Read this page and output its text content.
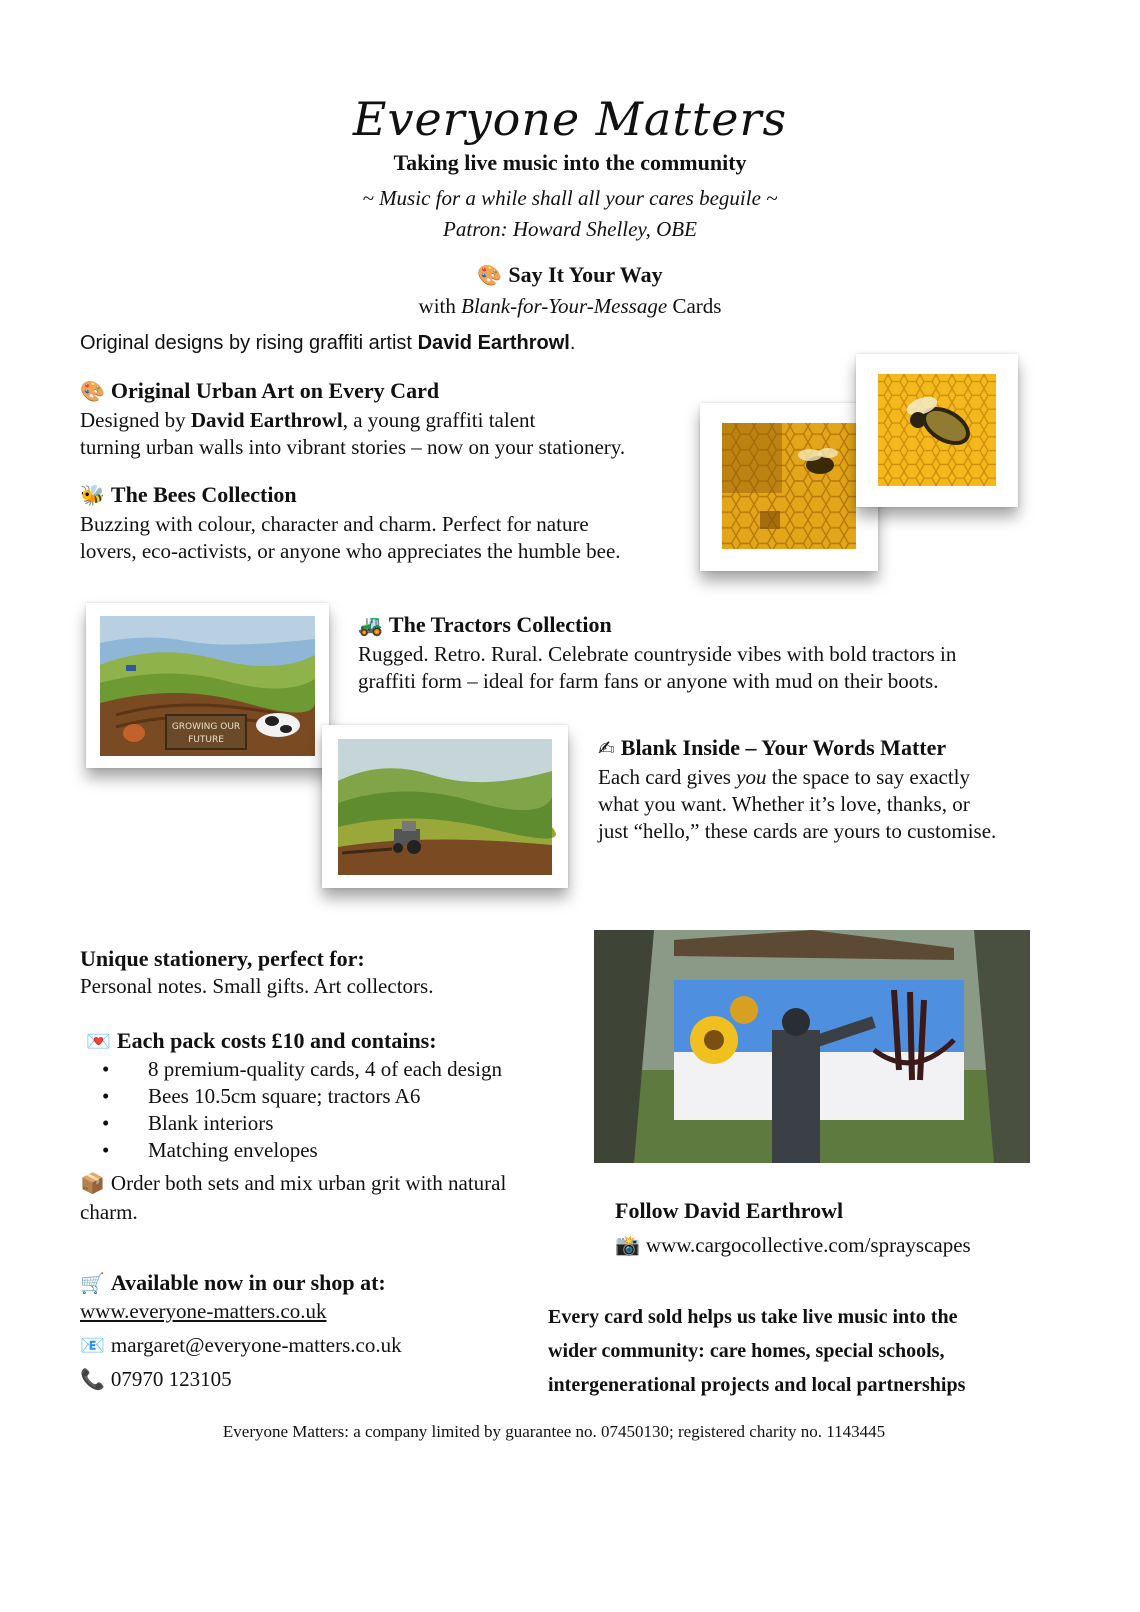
Everyone Matters
Taking live music into the community
~ Music for a while shall all your cares beguile ~
Patron: Howard Shelley, OBE
🎨 Say It Your Way
with Blank-for-Your-Message Cards
Original designs by rising graffiti artist David Earthrowl.
🎨 Original Urban Art on Every Card
Designed by David Earthrowl, a young graffiti talent
turning urban walls into vibrant stories – now on your stationery.
🐝 The Bees Collection
Buzzing with colour, character and charm. Perfect for nature
lovers, eco-activists, or anyone who appreciates the humble bee.
GROWING OUR
FUTURE
🚜 The Tractors Collection
Rugged. Retro. Rural. Celebrate countryside vibes with bold tractors in
graffiti form – ideal for farm fans or anyone with mud on their boots.
✍ Blank Inside – Your Words Matter
Each card gives you the space to say exactly
what you want. Whether it’s love, thanks, or
just “hello,” these cards are yours to customise.
Unique stationery, perfect for:
Personal notes. Small gifts. Art collectors.
💌 Each pack costs £10 and contains:
• 8 premium-quality cards, 4 of each design
• Bees 10.5cm square; tractors A6
• Blank interiors
• Matching envelopes
📦 Order both sets and mix urban grit with natural
charm.	Follow David Earthrowl
📸 www.cargocollective.com/sprayscapes
🛒 Available now in our shop at:
www.everyone-matters.co.uk
📧 margaret@everyone-matters.co.uk
📞 07970 123105
Every card sold helps us take live music into the
wider community: care homes, special schools,
intergenerational projects and local partnerships
Everyone Matters: a company limited by guarantee no. 07450130; registered charity no. 1143445
